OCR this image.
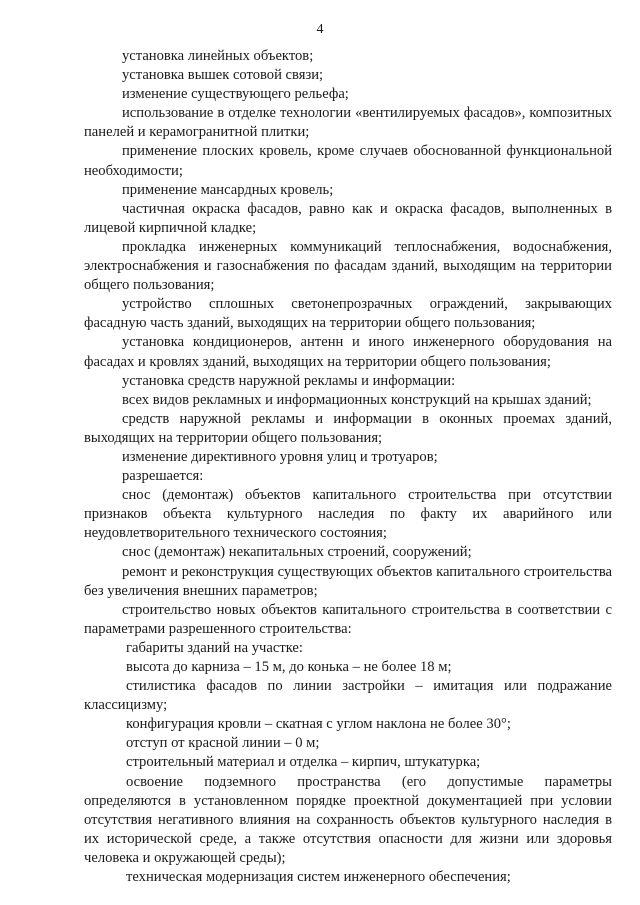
4

установка линейных объектов;

установка вышек сотовой связи;

изменение существующего рельефа;

использование в отделке технологии «вентилируемых фасадов», композитных панелей и керамогранитной плитки;

применение плоских кровель, кроме случаев обоснованной функциональной необходимости;

применение мансардных кровель;

частичная окраска фасадов, равно как и окраска фасадов, выполненных в лицевой кирпичной кладке;

прокладка инженерных коммуникаций теплоснабжения, водоснабжения, электроснабжения и газоснабжения по фасадам зданий, выходящим на территории общего пользования;

устройство сплошных светонепрозрачных ограждений, закрывающих фасадную часть зданий, выходящих на территории общего пользования;

установка кондиционеров, антенн и иного инженерного оборудования на фасадах и кровлях зданий, выходящих на территории общего пользования;

установка средств наружной рекламы и информации:

всех видов рекламных и информационных конструкций на крышах зданий;

средств наружной рекламы и информации в оконных проемах зданий, выходящих на территории общего пользования;

изменение директивного уровня улиц и тротуаров;

разрешается:

снос (демонтаж) объектов капитального строительства при отсутствии признаков объекта культурного наследия по факту их аварийного или неудовлетворительного технического состояния;

снос (демонтаж) некапитальных строений, сооружений;

ремонт и реконструкция существующих объектов капитального строительства без увеличения внешних параметров;

строительство новых объектов капитального строительства в соответствии с параметрами разрешенного строительства:

габариты зданий на участке:

высота до карниза – 15 м, до конька – не более 18 м;

стилистика фасадов по линии застройки – имитация или подражание классицизму;

конфигурация кровли – скатная с углом наклона не более 30°;

отступ от красной линии – 0 м;

строительный материал и отделка – кирпич, штукатурка;

освоение подземного пространства (его допустимые параметры определяются в установленном порядке проектной документацией при условии отсутствия негативного влияния на сохранность объектов культурного наследия в их исторической среде, а также отсутствия опасности для жизни или здоровья человека и окружающей среды);

техническая модернизация систем инженерного обеспечения;
